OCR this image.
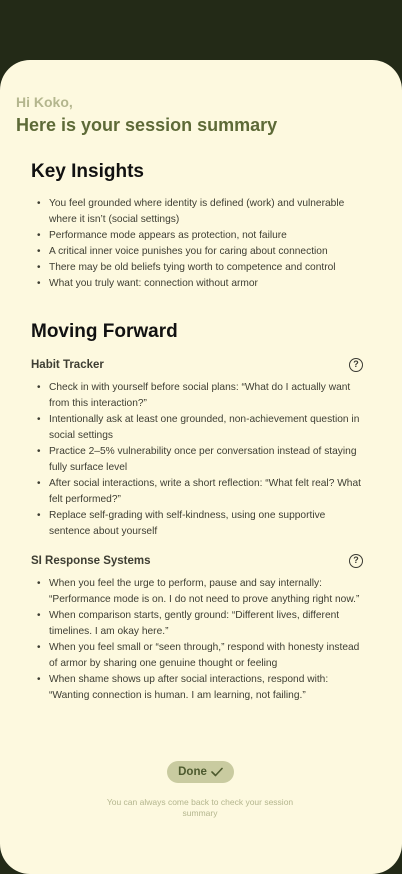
Hi Koko,
Here is your session summary
Key Insights
• You feel grounded where identity is defined (work) and vulnerable where it isn’t (social settings)
• Performance mode appears as protection, not failure
• A critical inner voice punishes you for caring about connection
• There may be old beliefs tying worth to competence and control
• What you truly want: connection without armor
Moving Forward
Habit Tracker	?
• Check in with yourself before social plans: “What do I actually want from this interaction?”
• Intentionally ask at least one grounded, non-achievement question in social settings
• Practice 2–5% vulnerability once per conversation instead of staying fully surface level
• After social interactions, write a short reflection: “What felt real? What felt performed?”
• Replace self-grading with self-kindness, using one supportive sentence about yourself
SI Response Systems	?
• When you feel the urge to perform, pause and say internally: “Performance mode is on. I do not need to prove anything right now.”
• When comparison starts, gently ground: “Different lives, different timelines. I am okay here.”
• When you feel small or “seen through,” respond with honesty instead of armor by sharing one genuine thought or feeling
• When shame shows up after social interactions, respond with: “Wanting connection is human. I am learning, not failing.”
Done
You can always come back to check your session summary
